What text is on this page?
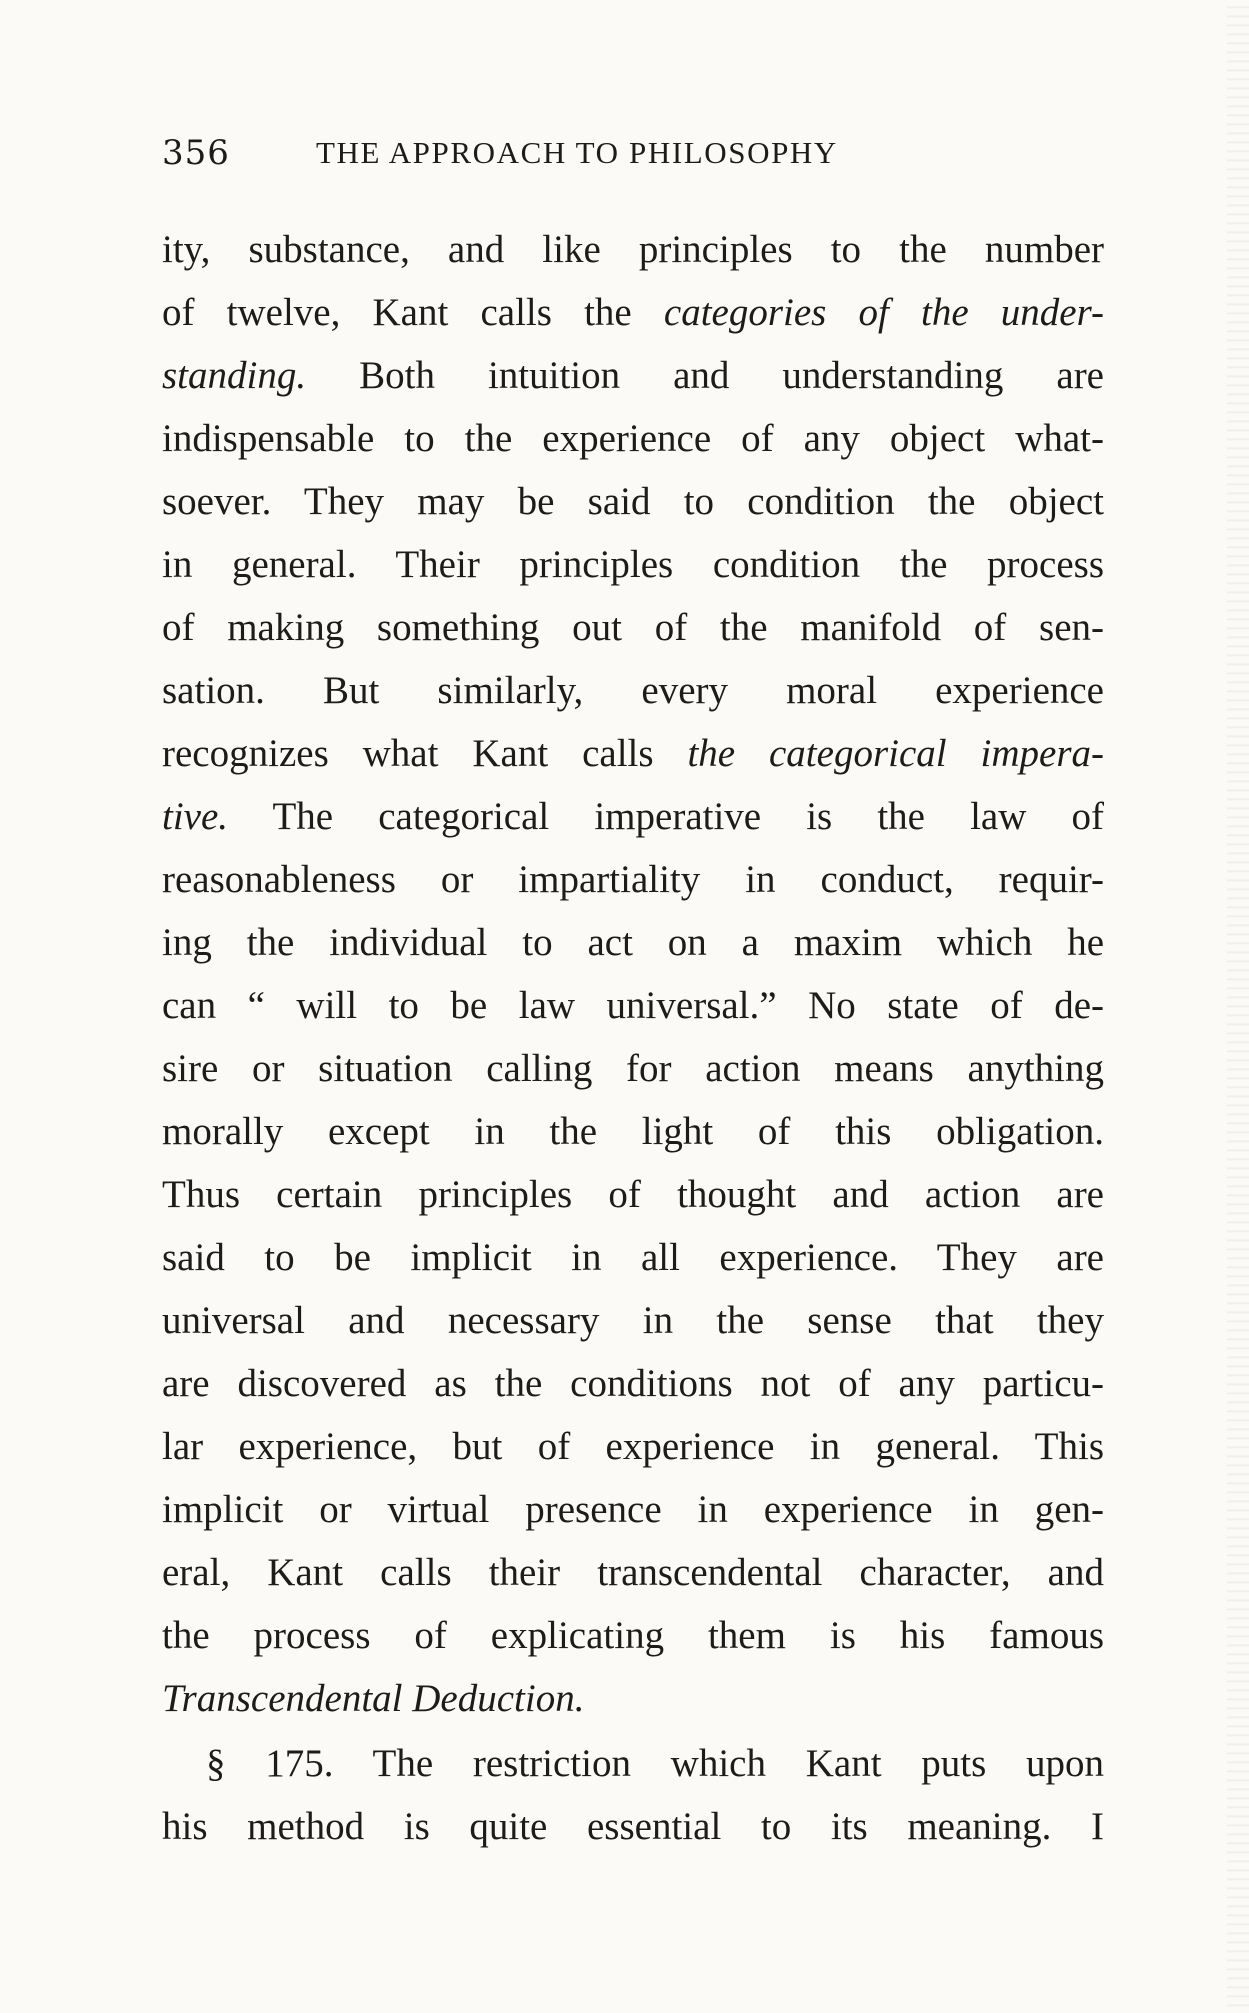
356	THE APPROACH TO PHILOSOPHY
ity, substance, and like principles to the number
of twelve, Kant calls the categories of the under-
standing. Both intuition and understanding are
indispensable to the experience of any object what-
soever. They may be said to condition the object
in general. Their principles condition the process
of making something out of the manifold of sen-
sation. But similarly, every moral experience
recognizes what Kant calls the categorical impera-
tive. The categorical imperative is the law of
reasonableness or impartiality in conduct, requir-
ing the individual to act on a maxim which he
can “ will to be law universal.” No state of de-
sire or situation calling for action means anything
morally except in the light of this obligation.
Thus certain principles of thought and action are
said to be implicit in all experience. They are
universal and necessary in the sense that they
are discovered as the conditions not of any particu-
lar experience, but of experience in general. This
implicit or virtual presence in experience in gen-
eral, Kant calls their transcendental character, and
the process of explicating them is his famous
Transcendental Deduction.
§ 175. The restriction which Kant puts upon
his method is quite essential to its meaning. I
